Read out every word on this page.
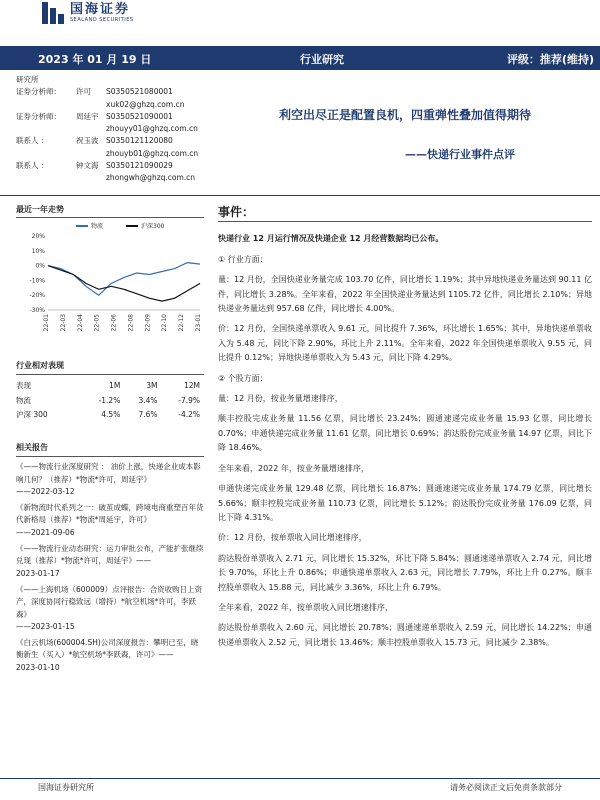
国海证券
SEALAND SECURITIES
2023 年 01 月 19 日	行业研究	评级：推荐(维持)
研究所
证券分析师：	许可	S0350521080001
xuk02@ghzq.com.cn
证券分析师：	周延宇	S0350521090001
zhouyy01@ghzq.com.cn
联系人 ：	祝玉波	S0350121120080
zhouyb01@ghzq.com.cn
联系人 ：	钟文海	S0350121090029
zhongwh@ghzq.com.cn
利空出尽正是配置良机，四重弹性叠加值得期待
——快递行业事件点评
最近一年走势
20%
10%
0%
-10%
-20%
-30%
22-01 22-03 22-04 22-05 22-06 22-08 22-09 22-10 22-12 23-01
物流	沪深300
行业相对表现
表现	1M	3M	12M
物流	-1.2%	3.4%	-7.9%
沪深 300	4.5%	7.6%	-4.2%
相关报告
《——物流行业深度研究 ： 油价上涨，快递企业成本影响几何？（推荐）*物流*许可，周延宇》
——2022-03-12
《新物流时代系列之一：破茧成蝶，跨境电商重塑百年货代新格局（推荐）*物流*周延宇，许可》
——2021-09-06
《——物流行业动态研究：运力审批公布，产能扩张继续兑现（推荐）*物流*许可，周延宇》——
2023-01-17
《——上海机场（600009）点评报告：合资收购日上资产，深度协同行稳致远（增持）*航空机场*许可，李跃森》
——2023-01-15
《白云机场(600004.SH)公司深度报告：攀明已至，晓衡新生（买入）*航空机场*李跃森，许可》——
2023-01-10
事件：

快递行业 12 月运行情况及快递企业 12 月经营数据均已公布。

① 行业方面：

量：12 月份，全国快递业务量完成 103.70 亿件，同比增长 1.19%；其中异地快递业务量达到 90.11 亿件，同比增长 3.28%。全年来看，2022 年全国快递业务量达到 1105.72 亿件，同比增长 2.10%；异地快递业务量达到 957.68 亿件，同比增长 4.00%。

价：12 月份，全国快递单票收入 9.61 元，同比提升 7.36%，环比增长 1.65%；其中，异地快递单票收入为 5.48 元，同比下降 2.90%，环比上升 2.11%。全年来看，2022 年全国快递单票收入 9.55 元，同比提升 0.12%；异地快递单票收入为 5.43 元，同比下降 4.29%。

② 个股方面：

量：12 月份，按业务量增速排序，

顺丰控股完成业务量 11.56 亿票，同比增长 23.24%；圆通速递完成业务量 15.93 亿票，同比增长 0.70%；申通快递完成业务量 11.61 亿票，同比增长 0.69%；韵达股份完成业务量 14.97 亿票，同比下降 18.46%。

全年来看，2022 年，按业务量增速排序，

申通快递完成业务量 129.48 亿票，同比增长 16.87%；圆通速递完成业务量 174.79 亿票，同比增长 5.66%；顺丰控股完成业务量 110.73 亿票，同比增长 5.12%；韵达股份完成业务量 176.09 亿票，同比下降 4.31%。

价：12 月份，按单票收入同比增速排序，

韵达股份单票收入 2.71 元，同比增长 15.32%，环比下降 5.84%；圆通速递单票收入 2.74 元，同比增长 9.70%，环比上升 0.86%；申通快递单票收入 2.63 元，同比增长 7.79%，环比上升 0.27%。顺丰控股单票收入 15.88 元，同比减少 3.36%，环比上升 6.79%。

全年来看，2022 年，按单票收入同比增速排序，

韵达股份单票收入 2.60 元，同比增长 20.78%；圆通速递单票收入 2.59 元，同比增长 14.22%；申通快递单票收入 2.52 元，同比增长 13.46%；顺丰控股单票收入 15.73 元，同比减少 2.38%。

国海证券研究所	请务必阅读正文后免责条款部分
